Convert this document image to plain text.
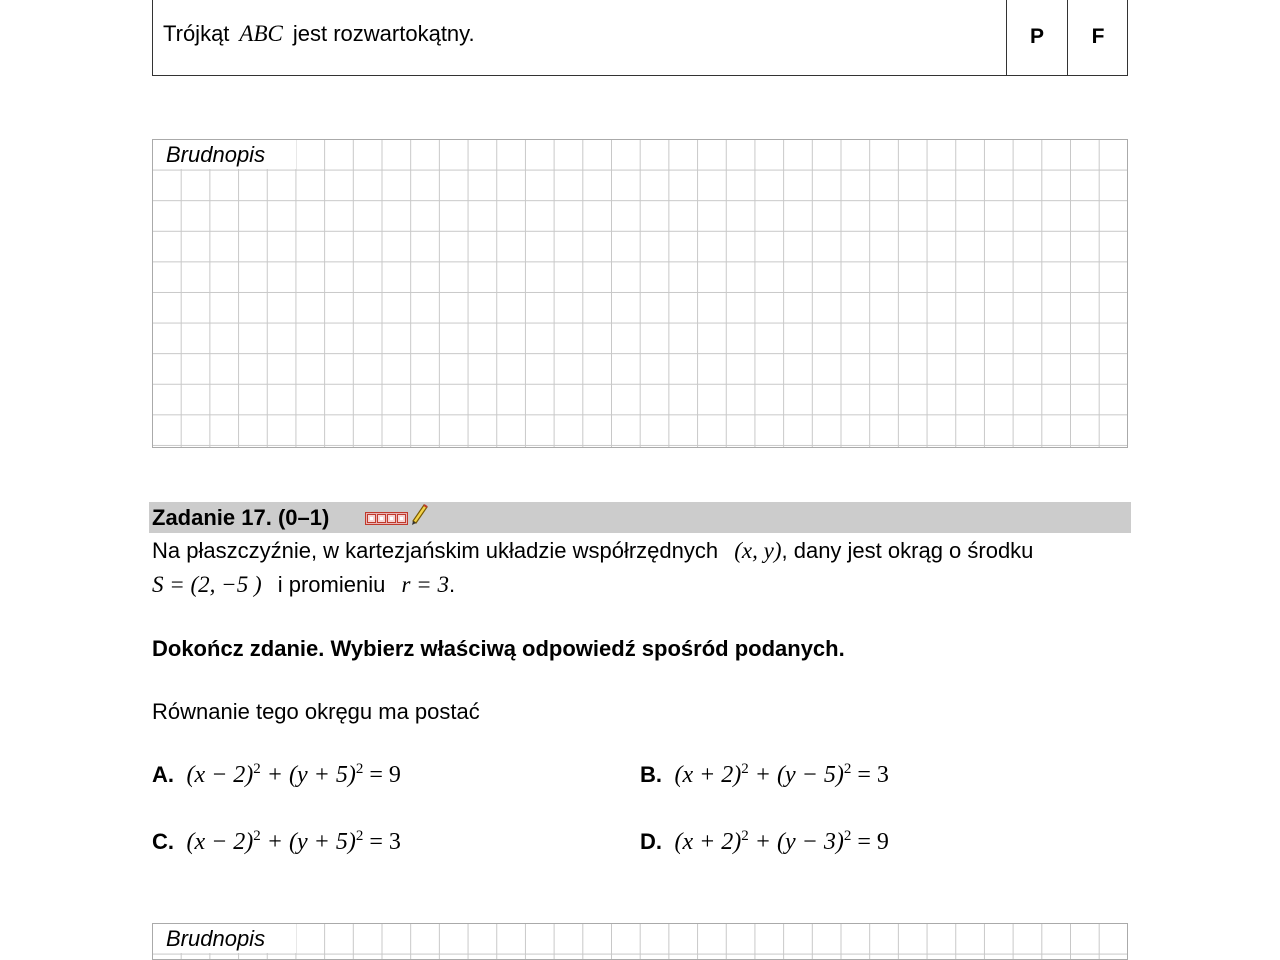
Trójkąt ABC jest rozwartokątny.	P	F
Brudnopis
Zadanie 17. (0–1)
Na płaszczyźnie, w kartezjańskim układzie współrzędnych (x, y), dany jest okrąg o środku
S = (2, −5 ) i promieniu r = 3.
Dokończ zdanie. Wybierz właściwą odpowiedź spośród podanych.
Równanie tego okręgu ma postać
A. $(x - 2)^2 + (y + 5)^2 = 9$	B. $(x + 2)^2 + (y - 5)^2 = 3$
C. $(x - 2)^2 + (y + 5)^2 = 3$	D. $(x + 2)^2 + (y - 3)^2 = 9$
Brudnopis
